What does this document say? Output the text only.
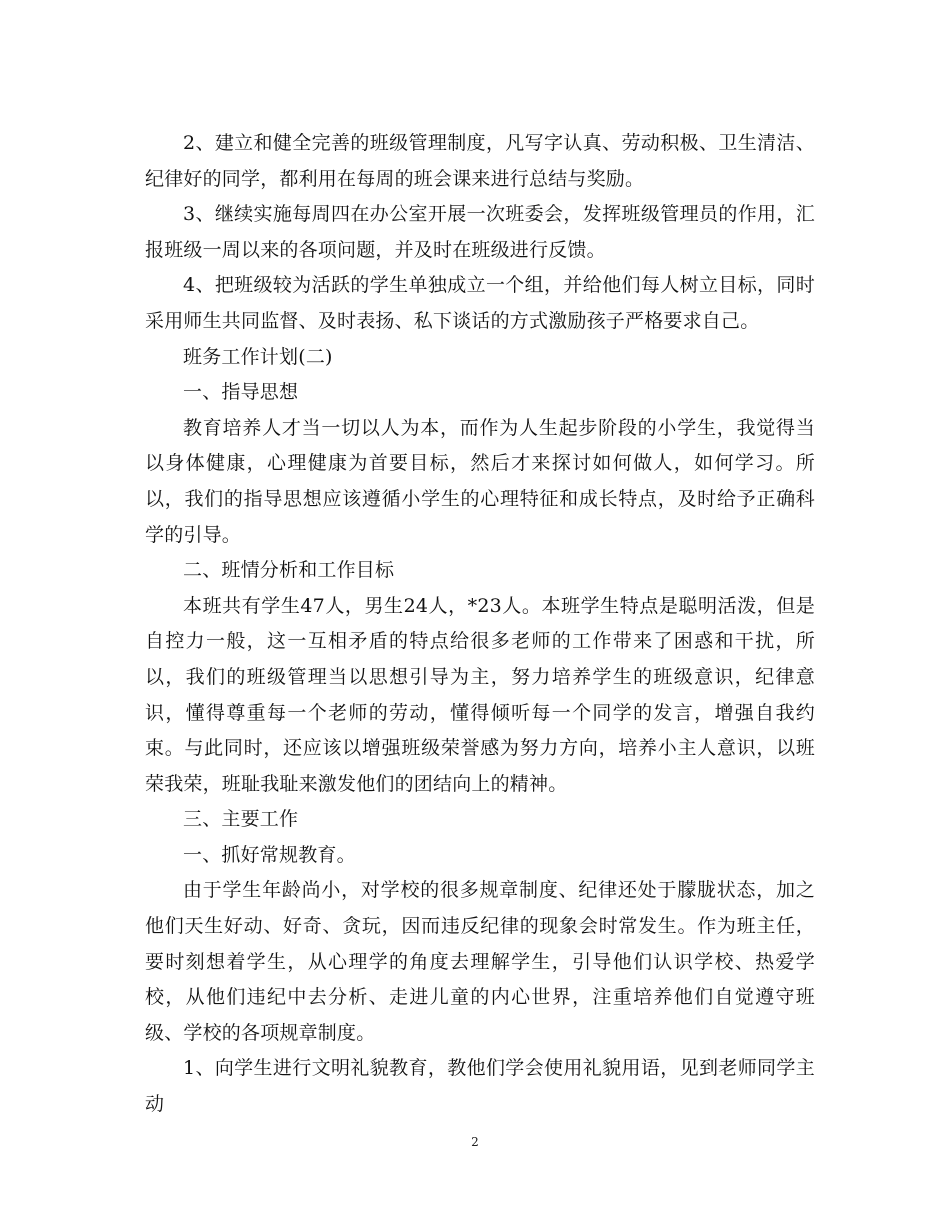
2、建立和健全完善的班级管理制度，凡写字认真、劳动积极、卫生清洁、纪律好的同学，都利用在每周的班会课来进行总结与奖励。

3、继续实施每周四在办公室开展一次班委会，发挥班级管理员的作用，汇报班级一周以来的各项问题，并及时在班级进行反馈。

4、把班级较为活跃的学生单独成立一个组，并给他们每人树立目标，同时采用师生共同监督、及时表扬、私下谈话的方式激励孩子严格要求自己。

班务工作计划(二)

一、指导思想

教育培养人才当一切以人为本，而作为人生起步阶段的小学生，我觉得当以身体健康，心理健康为首要目标，然后才来探讨如何做人，如何学习。所以，我们的指导思想应该遵循小学生的心理特征和成长特点，及时给予正确科学的引导。

二、班情分析和工作目标

本班共有学生47人，男生24人，*23人。本班学生特点是聪明活泼，但是自控力一般，这一互相矛盾的特点给很多老师的工作带来了困惑和干扰，所以，我们的班级管理当以思想引导为主，努力培养学生的班级意识，纪律意识，懂得尊重每一个老师的劳动，懂得倾听每一个同学的发言，增强自我约束。与此同时，还应该以增强班级荣誉感为努力方向，培养小主人意识，以班荣我荣，班耻我耻来激发他们的团结向上的精神。

三、主要工作

一、抓好常规教育。

由于学生年龄尚小，对学校的很多规章制度、纪律还处于朦胧状态，加之他们天生好动、好奇、贪玩，因而违反纪律的现象会时常发生。作为班主任，要时刻想着学生，从心理学的角度去理解学生，引导他们认识学校、热爱学校，从他们违纪中去分析、走进儿童的内心世界，注重培养他们自觉遵守班级、学校的各项规章制度。

1、向学生进行文明礼貌教育，教他们学会使用礼貌用语，见到老师同学主动

2
